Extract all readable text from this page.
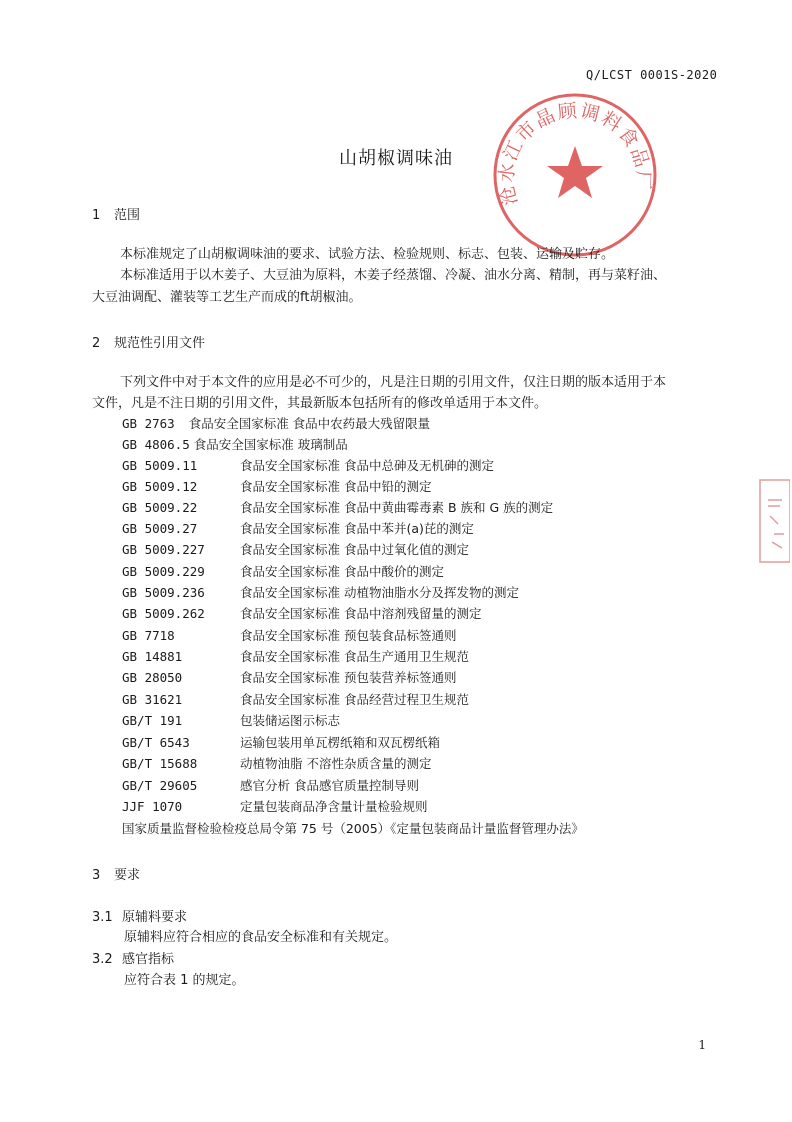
Q/LCST 0001S-2020
沧水江市晶顾调料食品厂
山胡椒调味油
1 范围
本标准规定了山胡椒调味油的要求、试验方法、检验规则、标志、包装、运输及贮存。
本标准适用于以木姜子、大豆油为原料，木姜子经蒸馏、冷凝、油水分离、精制，再与菜籽油、
大豆油调配、灌装等工艺生产而成的ft胡椒油。
2 规范性引用文件
下列文件中对于本文件的应用是必不可少的，凡是注日期的引用文件，仅注日期的版本适用于本
文件，凡是不注日期的引用文件，其最新版本包括所有的修改单适用于本文件。
GB 2763 食品安全国家标准 食品中农药最大残留限量
GB 4806.5 食品安全国家标准 玻璃制品
GB 5009.11	食品安全国家标准 食品中总砷及无机砷的测定
GB 5009.12	食品安全国家标准 食品中铅的测定
GB 5009.22	食品安全国家标准 食品中黄曲霉毒素 B 族和 G 族的测定
GB 5009.27	食品安全国家标准 食品中苯并(a)芘的测定
GB 5009.227	食品安全国家标准 食品中过氧化值的测定
GB 5009.229	食品安全国家标准 食品中酸价的测定
GB 5009.236	食品安全国家标准 动植物油脂水分及挥发物的测定
GB 5009.262	食品安全国家标准 食品中溶剂残留量的测定
GB 7718	食品安全国家标准 预包装食品标签通则
GB 14881	食品安全国家标准 食品生产通用卫生规范
GB 28050	食品安全国家标准 预包装营养标签通则
GB 31621	食品安全国家标准 食品经营过程卫生规范
GB/T 191	包装储运图示标志
GB/T 6543	运输包装用单瓦楞纸箱和双瓦楞纸箱
GB/T 15688	动植物油脂 不溶性杂质含量的测定
GB/T 29605	感官分析 食品感官质量控制导则
JJF 1070	定量包装商品净含量计量检验规则
国家质量监督检验检疫总局令第 75 号（2005）《定量包装商品计量监督管理办法》
3 要求
3.1 原辅料要求
原辅料应符合相应的食品安全标准和有关规定。
3.2 感官指标
应符合表 1 的规定。
1
